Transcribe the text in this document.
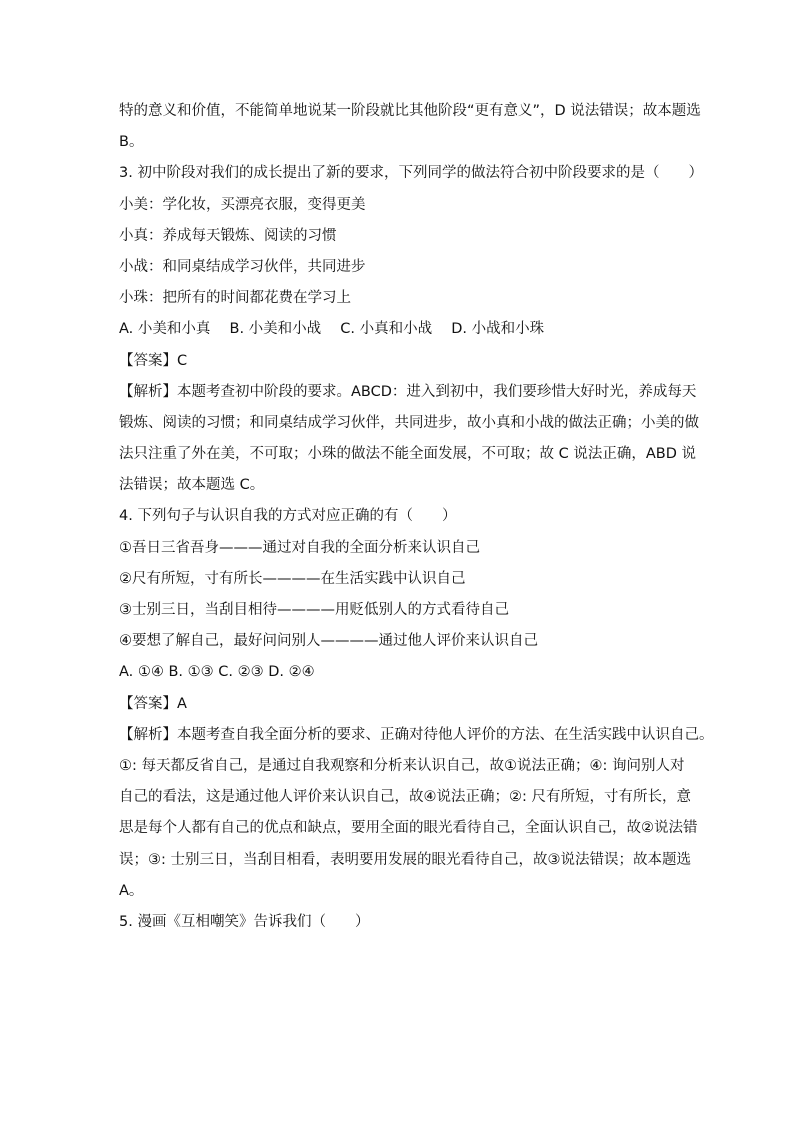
特的意义和价值，不能简单地说某一阶段就比其他阶段“更有意义”，D 说法错误；故本题选
B。
3. 初中阶段对我们的成长提出了新的要求，下列同学的做法符合初中阶段要求的是（　　）
小美：学化妆，买漂亮衣服，变得更美
小真：养成每天锻炼、阅读的习惯
小战：和同桌结成学习伙伴，共同进步
小珠：把所有的时间都花费在学习上
A. 小美和小真　 B. 小美和小战　 C. 小真和小战　 D. 小战和小珠
【答案】C
【解析】本题考查初中阶段的要求。ABCD：进入到初中，我们要珍惜大好时光，养成每天
锻炼、阅读的习惯；和同桌结成学习伙伴，共同进步，故小真和小战的做法正确；小美的做
法只注重了外在美，不可取；小珠的做法不能全面发展，不可取；故 C 说法正确，ABD 说
法错误；故本题选 C。
4. 下列句子与认识自我的方式对应正确的有（　　）
①吾日三省吾身———通过对自我的全面分析来认识自己
②尺有所短，寸有所长————在生活实践中认识自己
③士别三日，当刮目相待————用贬低别人的方式看待自己
④要想了解自己，最好问问别人————通过他人评价来认识自己
A. ①④ B. ①③ C. ②③ D. ②④
【答案】A
【解析】本题考查自我全面分析的要求、正确对待他人评价的方法、在生活实践中认识自己。
①: 每天都反省自己，是通过自我观察和分析来认识自己，故①说法正确；④: 询问别人对
自己的看法，这是通过他人评价来认识自己，故④说法正确；②: 尺有所短，寸有所长，意
思是每个人都有自己的优点和缺点，要用全面的眼光看待自己，全面认识自己，故②说法错
误；③: 士别三日，当刮目相看，表明要用发展的眼光看待自己，故③说法错误；故本题选
A。
5. 漫画《互相嘲笑》告诉我们（　　）
